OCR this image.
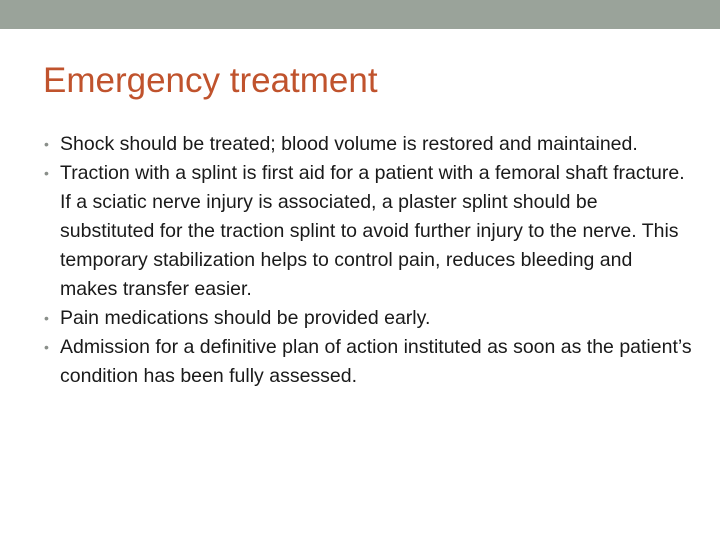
Emergency treatment
• Shock should be treated; blood volume is restored and maintained.
• Traction with a splint is first aid for a patient with a femoral shaft fracture. If a sciatic nerve injury is associated, a plaster splint should be substituted for the traction splint to avoid further injury to the nerve. This temporary stabilization helps to control pain, reduces bleeding and makes transfer easier.
• Pain medications should be provided early.
• Admission for a definitive plan of action instituted as soon as the patient’s condition has been fully assessed.
